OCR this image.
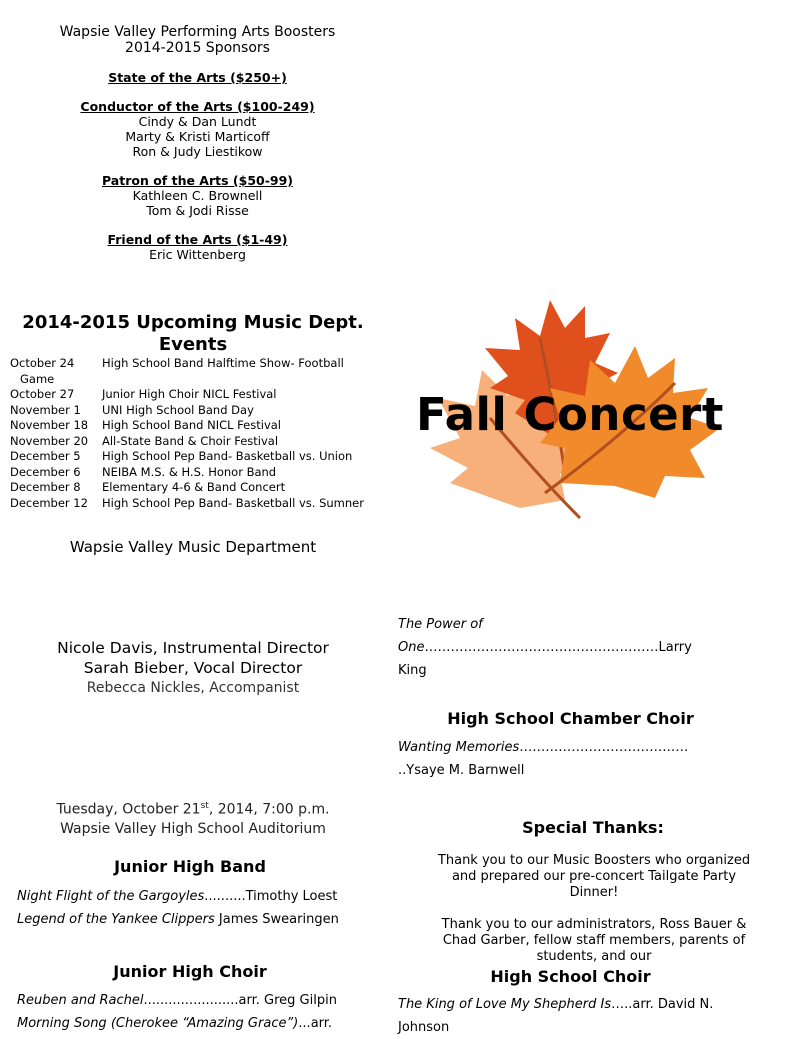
Wapsie Valley Performing Arts Boosters
2014-2015 Sponsors
State of the Arts ($250+)
Conductor of the Arts ($100-249)
Cindy & Dan Lundt
Marty & Kristi Marticoff
Ron & Judy Liestikow
Patron of the Arts ($50-99)
Kathleen C. Brownell
Tom & Jodi Risse
Friend of the Arts ($1-49)
Eric Wittenberg
2014-2015 Upcoming Music Dept. Events
October 24	High School Band Halftime Show- Football
Game
October 27	Junior High Choir NICL Festival
November 1	UNI High School Band Day
November 18	High School Band NICL Festival
November 20	All-State Band & Choir Festival
December 5	High School Pep Band- Basketball vs. Union
December 6	NEIBA M.S. & H.S. Honor Band
December 8	Elementary 4-6 & Band Concert
December 12	High School Pep Band- Basketball vs. Sumner
Wapsie Valley Music Department
Nicole Davis, Instrumental Director
Sarah Bieber, Vocal Director
Rebecca Nickles, Accompanist
Tuesday, October 21st, 2014, 7:00 p.m.
Wapsie Valley High School Auditorium
Junior High Band
Night Flight of the Gargoyles..........Timothy Loest
Legend of the Yankee Clippers James Swearingen
Junior High Choir
Reuben and Rachel.......................arr. Greg Gilpin
Morning Song (Cherokee “Amazing Grace”)...arr.
Fall Concert
The Power of
One………………………………………………Larry
King
High School Chamber Choir
Wanting Memories…………………………………
..Ysaye M. Barnwell
Special Thanks:
Thank you to our Music Boosters who organized and prepared our pre-concert Tailgate Party Dinner!
Thank you to our administrators, Ross Bauer & Chad Garber, fellow staff members, parents of students, and our
High School Choir
The King of Love My Shepherd Is…..arr. David N.
Johnson
